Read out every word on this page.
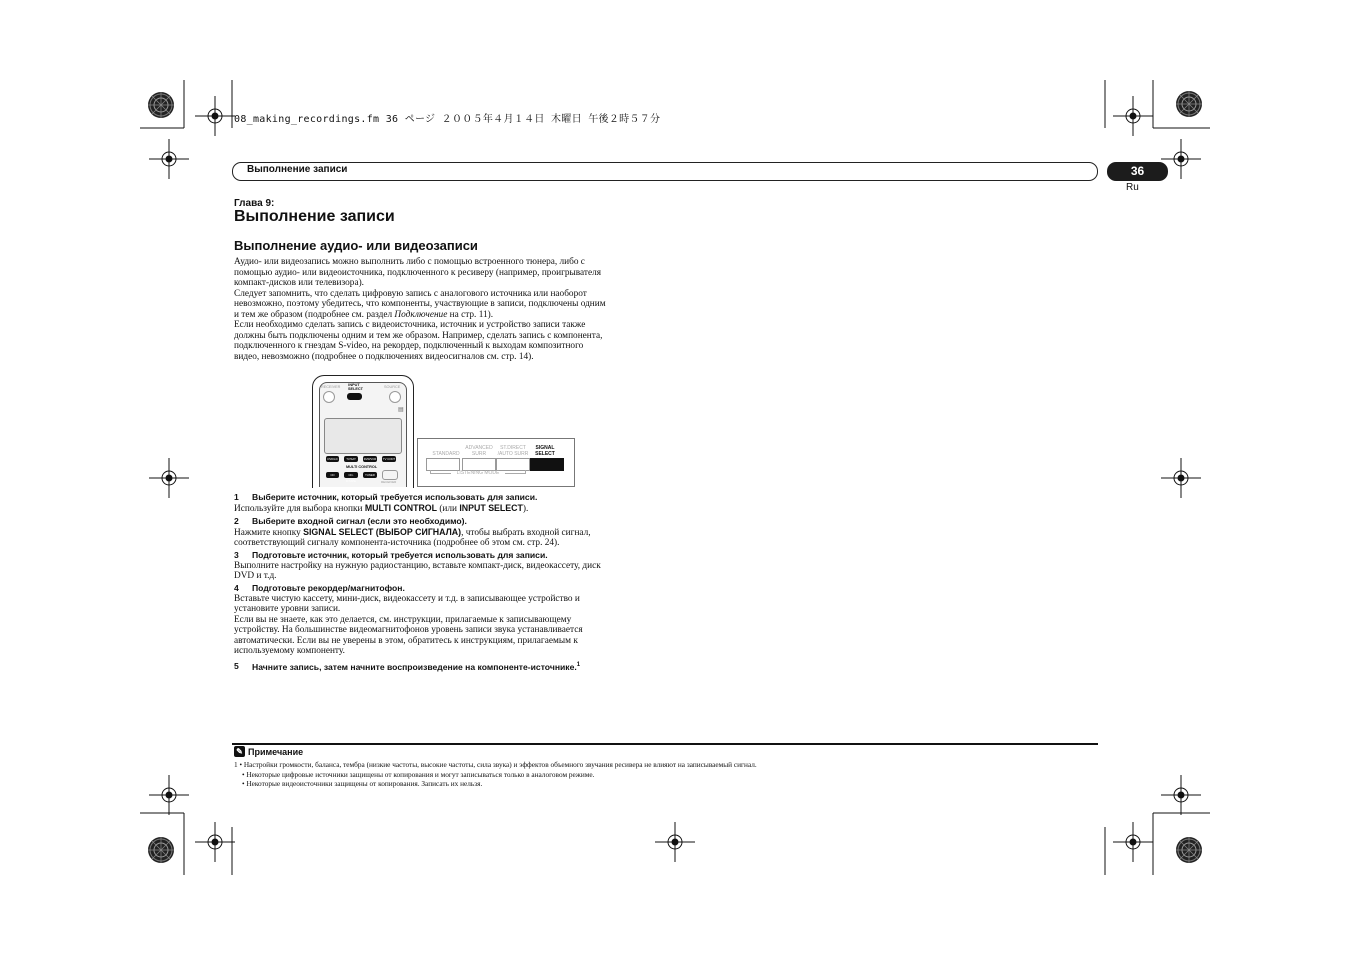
08_making_recordings.fm 36 ページ ２００５年４月１４日 木曜日 午後２時５７分
Выполнение записи	36
Ru
Глава 9:
Выполнение записи
Выполнение аудио- или видеозаписи

Аудио- или видеозапись можно выполнить либо с помощью встроенного тюнера, либо с

помощью аудио- или видеоисточника, подключенного к ресиверу (например, проигрывателя

компакт-дисков или телевизора).

Следует запомнить, что сделать цифровую запись с аналогового источника или наоборот

невозможно, поэтому убедитесь, что компоненты, участвующие в записи, подключены одним

и тем же образом (подробнее см. раздел Подключение на стр. 11).

Если необходимо сделать запись с видеоисточника, источник и устройство записи также

должны быть подключены одним и тем же образом. Например, сделать запись с компонента,

подключенного к гнездам S-video, на рекордер, подключенный к выходам композитного

видео, невозможно (подробнее о подключениях видеосигналов см. стр. 14).

RECEIVER INPUT SELECT	SOURCE
▤
DVD/LD	TV/SAT	DVR/VCR	TV CONT
MULTI CONTROL
CD	CD-R/TAPE
TUNER
RECEIVER
STANDARD
ADVANCED SURR
ST.DIRECT /AUTO SURR
SIGNAL SELECT
LISTENING MODE
1 Выберите источник, который требуется использовать для записи.
Используйте для выбора кнопки MULTI CONTROL (или INPUT SELECT).
2 Выберите входной сигнал (если это необходимо).
Нажмите кнопку SIGNAL SELECT (ВЫБОР СИГНАЛА), чтобы выбрать входной сигнал,
соответствующий сигналу компонента-источника (подробнее об этом см. стр. 24).
3 Подготовьте источник, который требуется использовать для записи.
Выполните настройку на нужную радиостанцию, вставьте компакт-диск, видеокассету, диск
DVD и т.д.
4 Подготовьте рекордер/магнитофон.
Вставьте чистую кассету, мини-диск, видеокассету и т.д. в записывающее устройство и
установите уровни записи.
Если вы не знаете, как это делается, см. инструкции, прилагаемые к записывающему
устройству. На большинстве видеомагнитофонов уровень записи звука устанавливается
автоматически. Если вы не уверены в этом, обратитесь к инструкциям, прилагаемым к
используемому компоненту.
5 Начните запись, затем начните воспроизведение на компоненте-источнике.$^1$
✎ Примечание
1 • Настройки громкости, баланса, тембра (низкие частоты, высокие частоты, сила звука) и эффектов объемного звучания ресивера не влияют на записываемый сигнал.
• Некоторые цифровые источники защищены от копирования и могут записываться только в аналоговом режиме.
• Некоторые видеоисточники защищены от копирования. Записать их нельзя.
